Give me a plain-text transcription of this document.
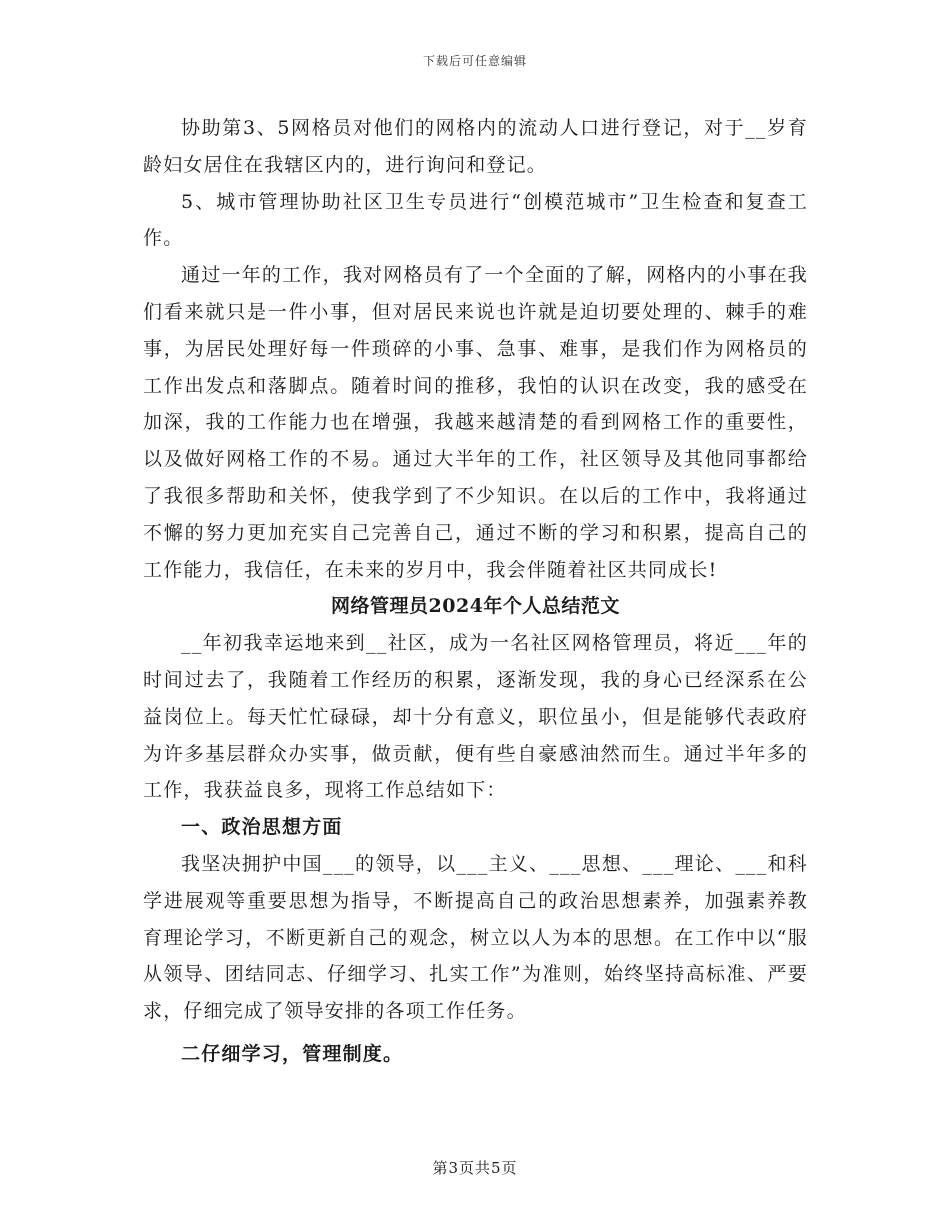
下载后可任意编辑

协助第3、5网格员对他们的网格内的流动人口进行登记，对于__岁育龄妇女居住在我辖区内的，进行询问和登记。

5、城市管理协助社区卫生专员进行“创模范城市”卫生检查和复查工作。

通过一年的工作，我对网格员有了一个全面的了解，网格内的小事在我们看来就只是一件小事，但对居民来说也许就是迫切要处理的、棘手的难事，为居民处理好每一件琐碎的小事、急事、难事，是我们作为网格员的工作出发点和落脚点。随着时间的推移，我怕的认识在改变，我的感受在加深，我的工作能力也在增强，我越来越清楚的看到网格工作的重要性，以及做好网格工作的不易。通过大半年的工作，社区领导及其他同事都给了我很多帮助和关怀，使我学到了不少知识。在以后的工作中，我将通过不懈的努力更加充实自己完善自己，通过不断的学习和积累，提高自己的工作能力，我信任，在未来的岁月中，我会伴随着社区共同成长!

网络管理员2024年个人总结范文

__年初我幸运地来到__社区，成为一名社区网格管理员，将近___年的时间过去了，我随着工作经历的积累，逐渐发现，我的身心已经深系在公益岗位上。每天忙忙碌碌，却十分有意义，职位虽小，但是能够代表政府为许多基层群众办实事，做贡献，便有些自豪感油然而生。通过半年多的工作，我获益良多，现将工作总结如下：

一、政治思想方面

我坚决拥护中国___的领导，以___主义、___思想、___理论、___和科学进展观等重要思想为指导，不断提高自己的政治思想素养，加强素养教育理论学习，不断更新自己的观念，树立以人为本的思想。在工作中以“服从领导、团结同志、仔细学习、扎实工作”为准则，始终坚持高标准、严要求，仔细完成了领导安排的各项工作任务。

二仔细学习，管理制度。

第3页共5页
